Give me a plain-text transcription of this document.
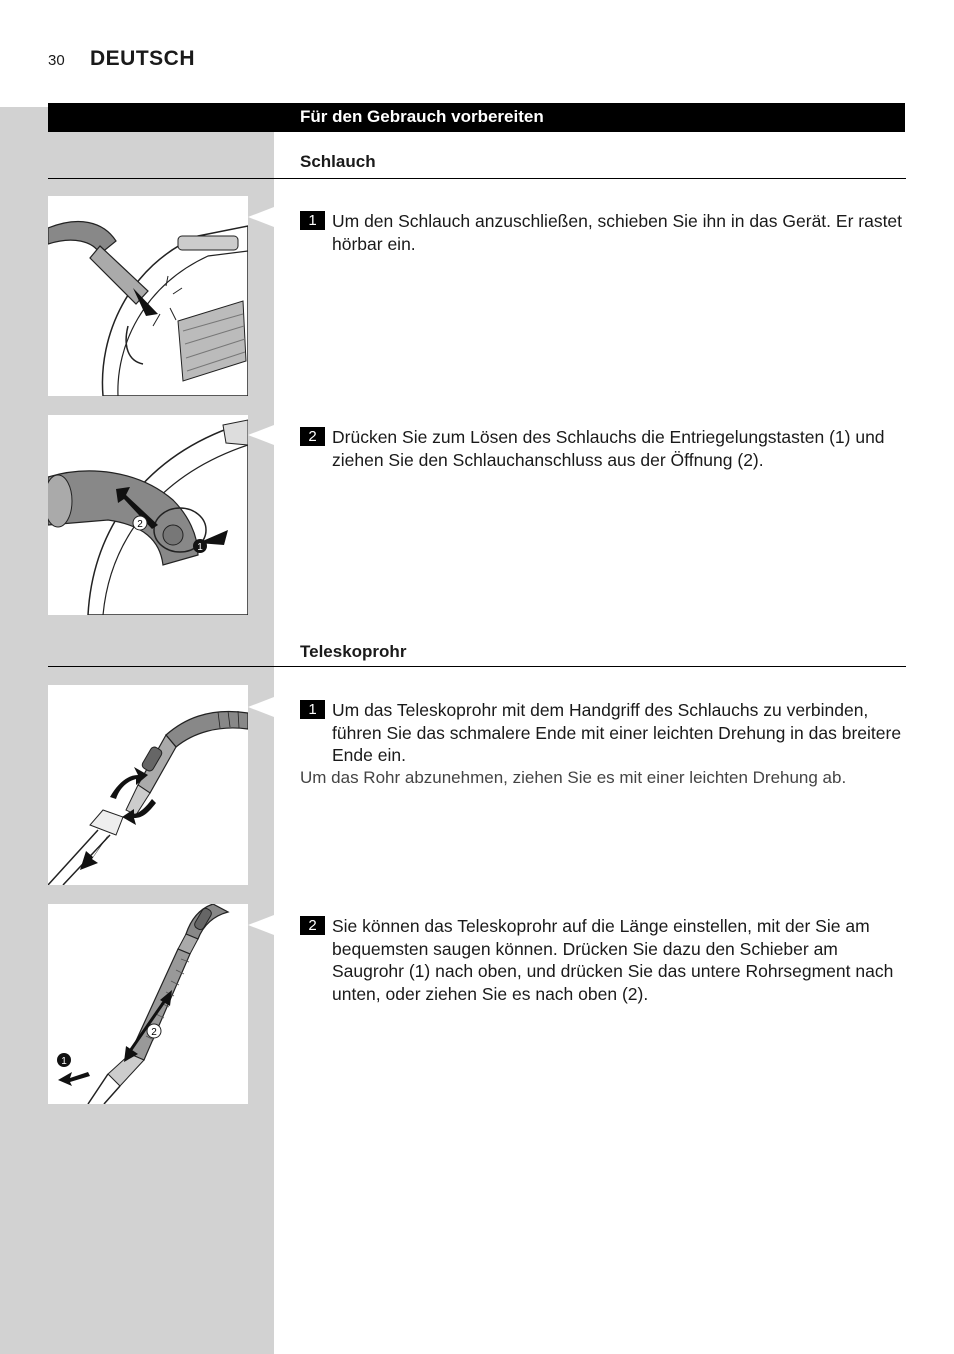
30 DEUTSCH
Für den Gebrauch vorbereiten
Schlauch
1 Um den Schlauch anzuschließen, schieben Sie ihn in das Gerät. Er rastet hörbar ein.
2
1
2 Drücken Sie zum Lösen des Schlauchs die Entriegelungstasten (1) und ziehen Sie den Schlauchanschluss aus der Öffnung (2).
Teleskoprohr
1 Um das Teleskoprohr mit dem Handgriff des Schlauchs zu verbinden, führen Sie das schmalere Ende mit einer leichten Drehung in das breitere Ende ein.
Um das Rohr abzunehmen, ziehen Sie es mit einer leichten Drehung ab.
2
1
2 Sie können das Teleskoprohr auf die Länge einstellen, mit der Sie am bequemsten saugen können. Drücken Sie dazu den Schieber am Saugrohr (1) nach oben, und drücken Sie das untere Rohrsegment nach unten, oder ziehen Sie es nach oben (2).
